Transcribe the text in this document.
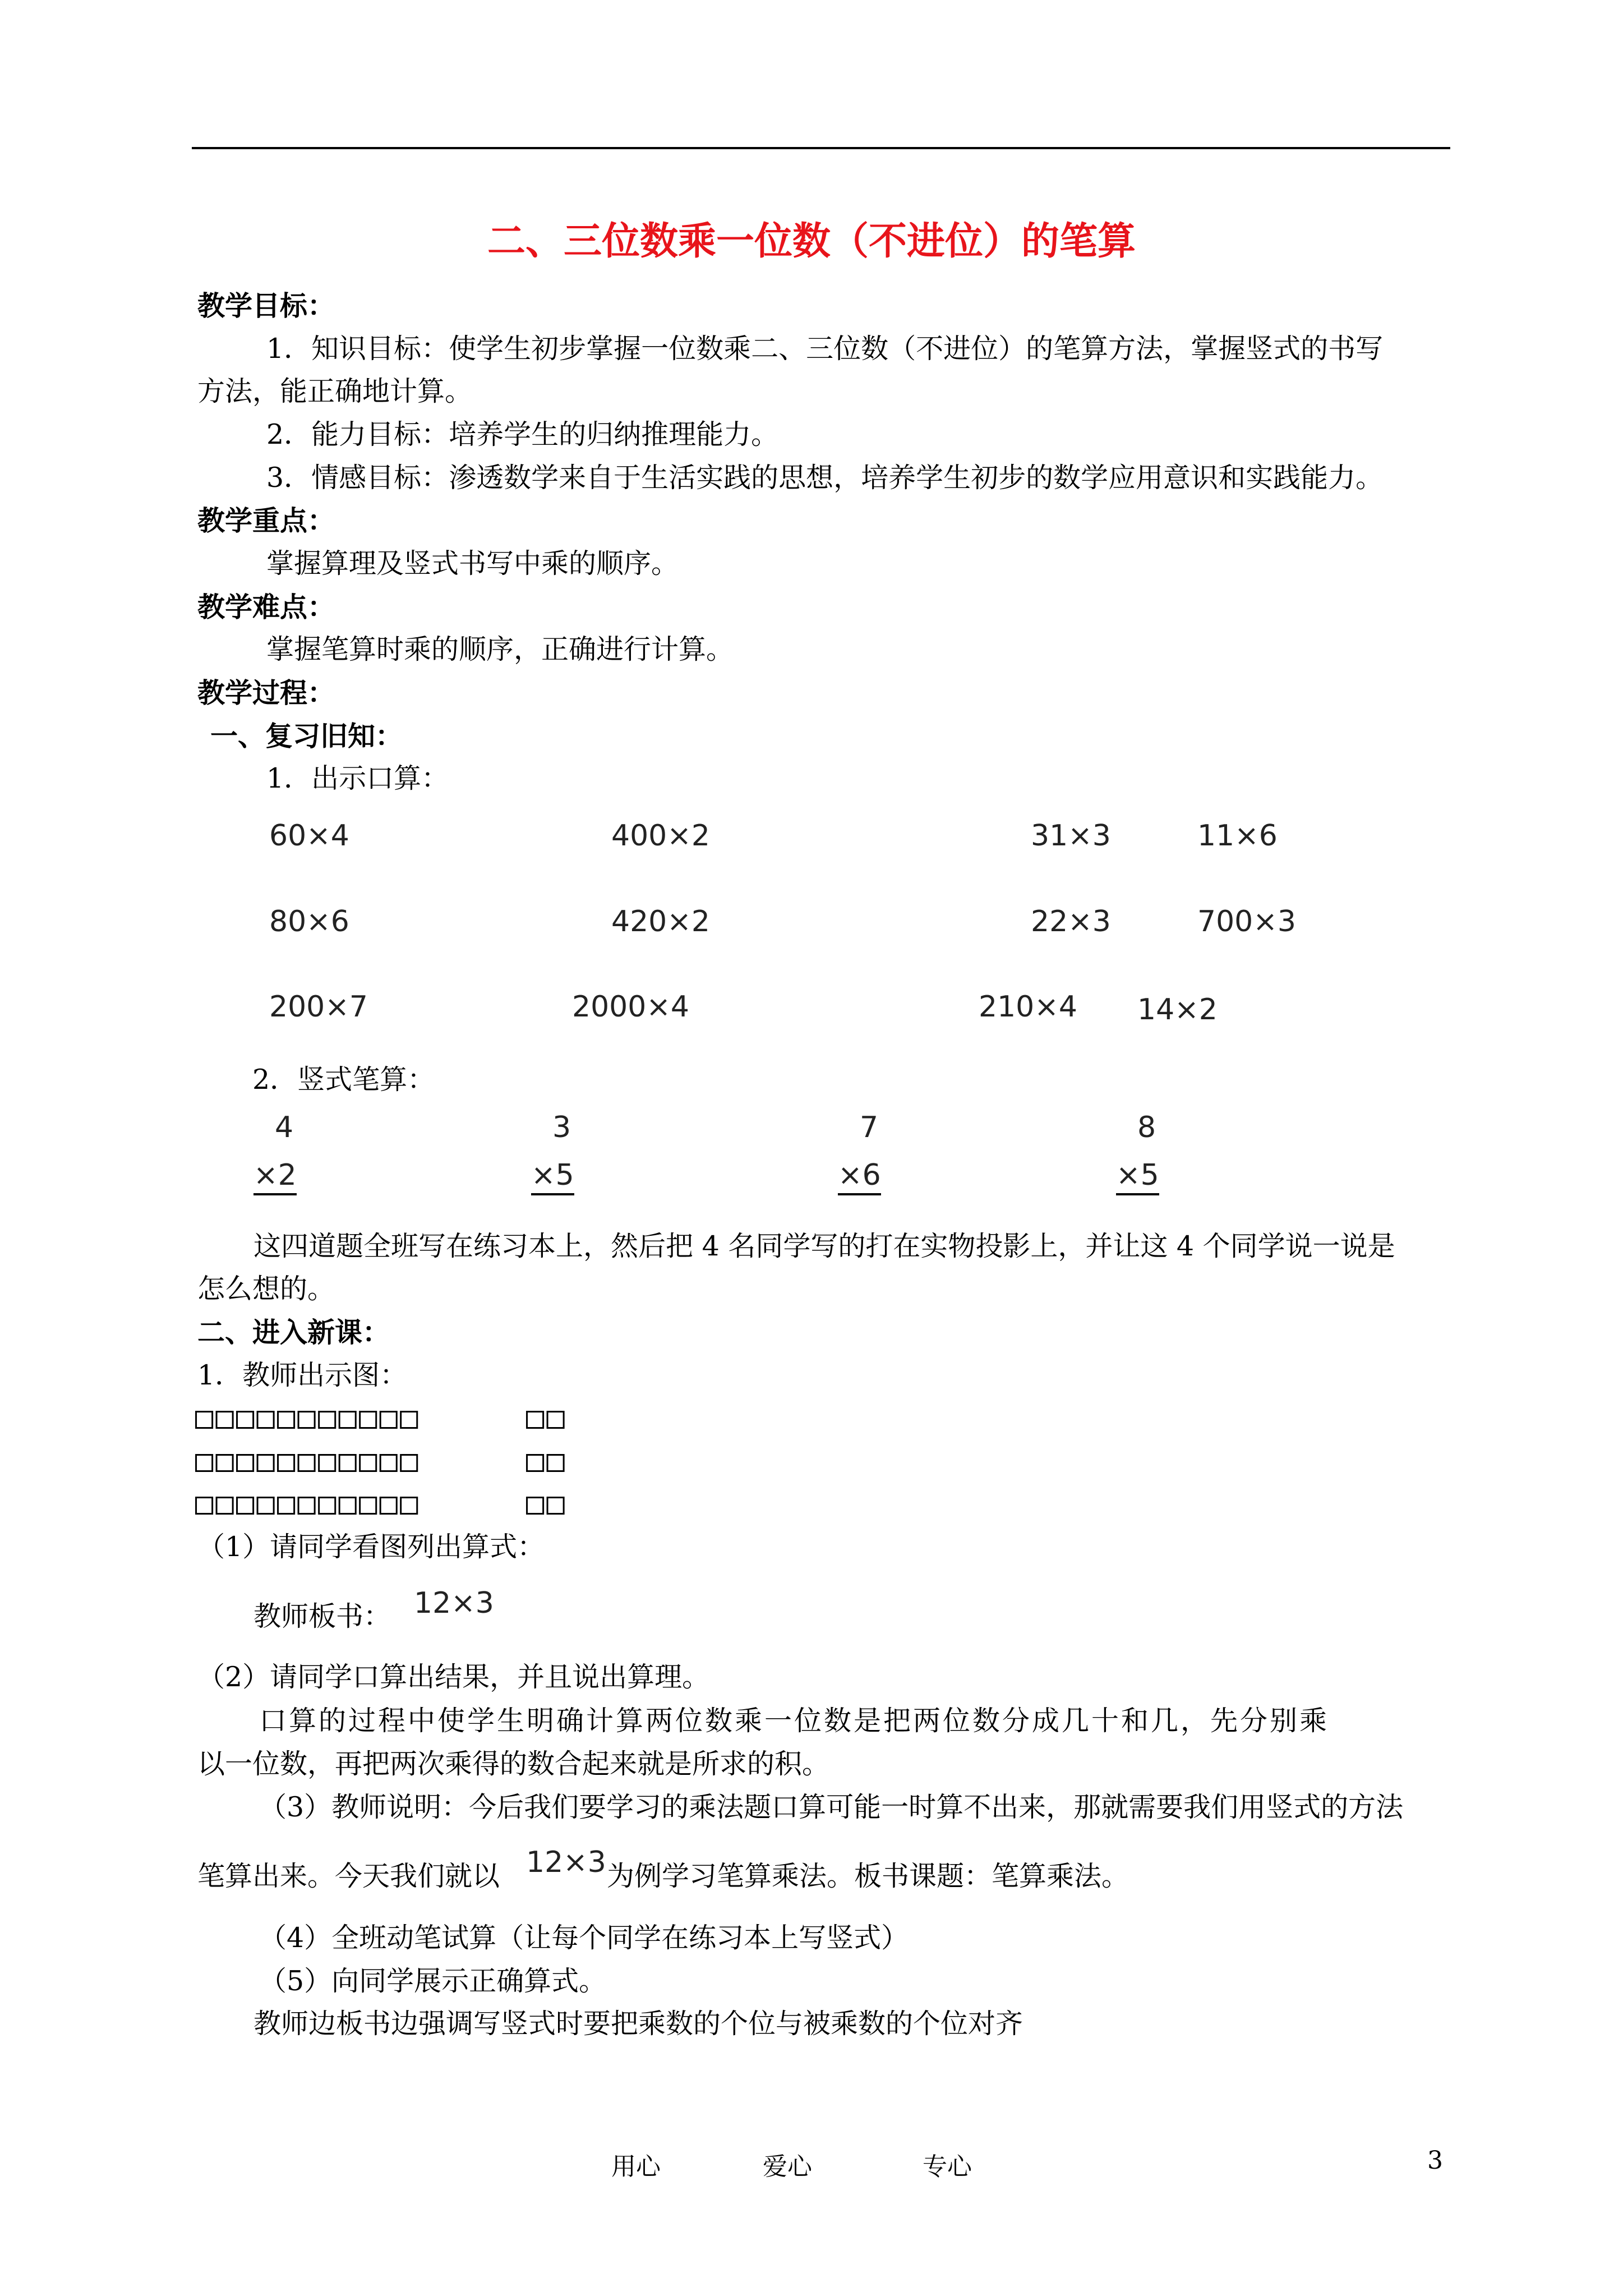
二、三位数乘一位数（不进位）的笔算
教学目标：
1．知识目标：使学生初步掌握一位数乘二、三位数（不进位）的笔算方法，掌握竖式的书写
方法，能正确地计算。
2．能力目标：培养学生的归纳推理能力。
3．情感目标：渗透数学来自于生活实践的思想，培养学生初步的数学应用意识和实践能力。
教学重点：
掌握算理及竖式书写中乘的顺序。
教学难点：
掌握笔算时乘的顺序，正确进行计算。
教学过程：
一、复习旧知：
1．出示口算：
60×4	400×2	31×3	11×6
80×6	420×2	22×3	700×3
200×7	2000×4	210×4 14×2
2．竖式笔算：
4
×2
3
×5
7
×6
8
×5
这四道题全班写在练习本上，然后把 4 名同学写的打在实物投影上，并让这 4 个同学说一说是
怎么想的。
二、进入新课：
1．教师出示图：
□□□□□□□□□□□	□□
□□□□□□□□□□□	□□
□□□□□□□□□□□	□□
（1）请同学看图列出算式：
教师板书： 12×3
（2）请同学口算出结果，并且说出算理。
口算的过程中使学生明确计算两位数乘一位数是把两位数分成几十和几，先分别乘
以一位数，再把两次乘得的数合起来就是所求的积。
（3）教师说明：今后我们要学习的乘法题口算可能一时算不出来，那就需要我们用竖式的方法
笔算出来。今天我们就以 12×3 为例学习笔算乘法。板书课题：笔算乘法。
（4）全班动笔试算（让每个同学在练习本上写竖式）
（5）向同学展示正确算式。
教师边板书边强调写竖式时要把乘数的个位与被乘数的个位对齐
用心	爱心	专心	3
